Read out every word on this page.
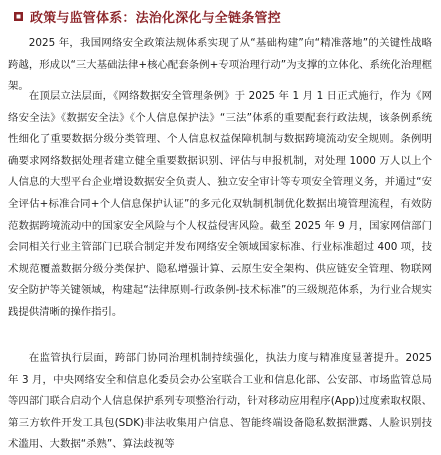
政策与监管体系：法治化深化与全链条管控

2025 年，我国网络安全政策法规体系实现了从“基础构建”向“精准落地”的关键性战略跨越，形成以“三大基础法律+核心配套条例+专项治理行动”为支撑的立体化、系统化治理框架。

在顶层立法层面，《网络数据安全管理条例》于 2025 年 1 月 1 日正式施行，作为《网络安全法》《数据安全法》《个人信息保护法》“三法”体系的重要配套行政法规，该条例系统性细化了重要数据分级分类管理、个人信息权益保障机制与数据跨境流动安全规则。条例明确要求网络数据处理者建立健全重要数据识别、评估与申报机制，对处理 1000 万人以上个人信息的大型平台企业增设数据安全负责人、独立安全审计等专项安全管理义务，并通过“安全评估+标准合同+个人信息保护认证”的多元化双轨制机制优化数据出境管理流程，有效防范数据跨境流动中的国家安全风险与个人权益侵害风险。截至 2025 年 9 月，国家网信部门会同相关行业主管部门已联合制定并发布网络安全领域国家标准、行业标准超过 400 项，技术规范覆盖数据分级分类保护、隐私增强计算、云原生安全架构、供应链安全管理、物联网安全防护等关键领域，构建起“法律原则-行政条例-技术标准”的三级规范体系，为行业合规实践提供清晰的操作指引。

在监管执行层面，跨部门协同治理机制持续强化，执法力度与精准度显著提升。2025 年 3 月，中央网络安全和信息化委员会办公室联合工业和信息化部、公安部、市场监管总局等四部门联合启动个人信息保护系列专项整治行动，针对移动应用程序(App)过度索取权限、第三方软件开发工具包(SDK)非法收集用户信息、智能终端设备隐私数据泄露、人脸识别技术滥用、大数据“杀熟”、算法歧视等
